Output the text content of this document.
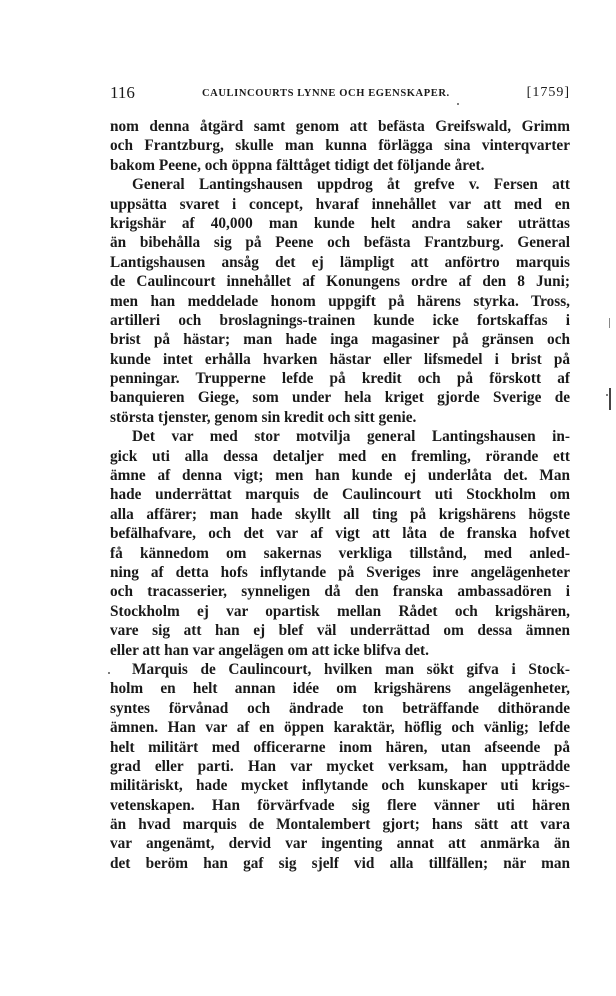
116	CAULINCOURTS LYNNE OCH EGENSKAPER.	[1759]
nom denna åtgärd samt genom att befästa Greifswald, Grimm
och Frantzburg, skulle man kunna förlägga sina vinterqvarter
bakom Peene, och öppna fälttåget tidigt det följande året.
General Lantingshausen uppdrog åt grefve v. Fersen att
uppsätta svaret i concept, hvaraf innehållet var att med en
krigshär af 40,000 man kunde helt andra saker uträttas
än bibehålla sig på Peene och befästa Frantzburg. General
Lantigshausen ansåg det ej lämpligt att anförtro marquis
de Caulincourt innehållet af Konungens ordre af den 8 Juni;
men han meddelade honom uppgift på härens styrka. Tross,
artilleri och broslagnings-trainen kunde icke fortskaffas i
brist på hästar; man hade inga magasiner på gränsen och
kunde intet erhålla hvarken hästar eller lifsmedel i brist på
penningar. Trupperne lefde på kredit och på förskott af
banquieren Giege, som under hela kriget gjorde Sverige de
största tjenster, genom sin kredit och sitt genie.
Det var med stor motvilja general Lantingshausen in-
gick uti alla dessa detaljer med en fremling, rörande ett
ämne af denna vigt; men han kunde ej underlåta det. Man
hade underrättat marquis de Caulincourt uti Stockholm om
alla affärer; man hade skyllt all ting på krigshärens högste
befälhafvare, och det var af vigt att låta de franska hofvet
få kännedom om sakernas verkliga tillstånd, med anled-
ning af detta hofs inflytande på Sveriges inre angelägenheter
och tracasserier, synneligen då den franska ambassadören i
Stockholm ej var opartisk mellan Rådet och krigshären,
vare sig att han ej blef väl underrättad om dessa ämnen
eller att han var angelägen om att icke blifva det.
Marquis de Caulincourt, hvilken man sökt gifva i Stock-
holm en helt annan idée om krigshärens angelägenheter,
syntes förvånad och ändrade ton beträffande dithörande
ämnen. Han var af en öppen karaktär, höflig och vänlig; lefde
helt militärt med officerarne inom hären, utan afseende på
grad eller parti. Han var mycket verksam, han uppträdde
militäriskt, hade mycket inflytande och kunskaper uti krigs-
vetenskapen. Han förvärfvade sig flere vänner uti hären
än hvad marquis de Montalembert gjort; hans sätt att vara
var angenämt, dervid var ingenting annat att anmärka än
det beröm han gaf sig sjelf vid alla tillfällen; när man
